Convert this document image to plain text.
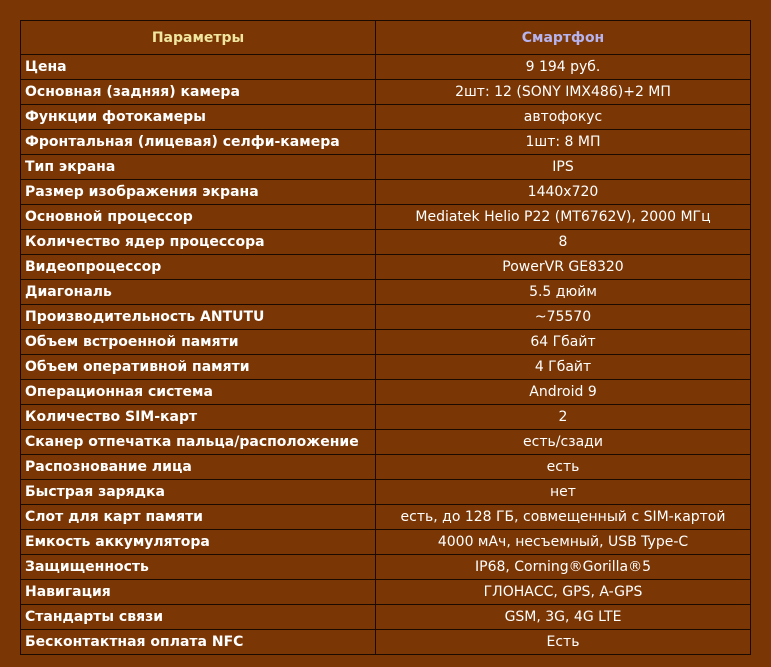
Параметры	Смартфон
Цена	9 194 руб.
Основная (задняя) камера	2шт: 12 (SONY IMX486)+2 МП
Функции фотокамеры	автофокус
Фронтальная (лицевая) селфи-камера	1шт: 8 МП
Тип экрана	IPS
Размер изображения экрана	1440x720
Основной процессор	Mediatek Helio P22 (MT6762V), 2000 МГц
Количество ядер процессора	8
Видеопроцессор	PowerVR GE8320
Диагональ	5.5 дюйм
Производительность ANTUTU	~75570
Объем встроенной памяти	64 Гбайт
Объем оперативной памяти	4 Гбайт
Операционная система	Android 9
Количество SIM-карт	2
Сканер отпечатка пальца/расположение	есть/сзади
Распознование лица	есть
Быстрая зарядка	нет
Слот для карт памяти	есть, до 128 ГБ, совмещенный с SIM-картой
Емкость аккумулятора	4000 мАч, несъемный, USB Type-C
Защищенность	IP68, Corning®Gorilla®5
Навигация	ГЛОНАСС, GPS, A-GPS
Стандарты связи	GSM, 3G, 4G LTE
Бесконтактная оплата NFC	Есть
